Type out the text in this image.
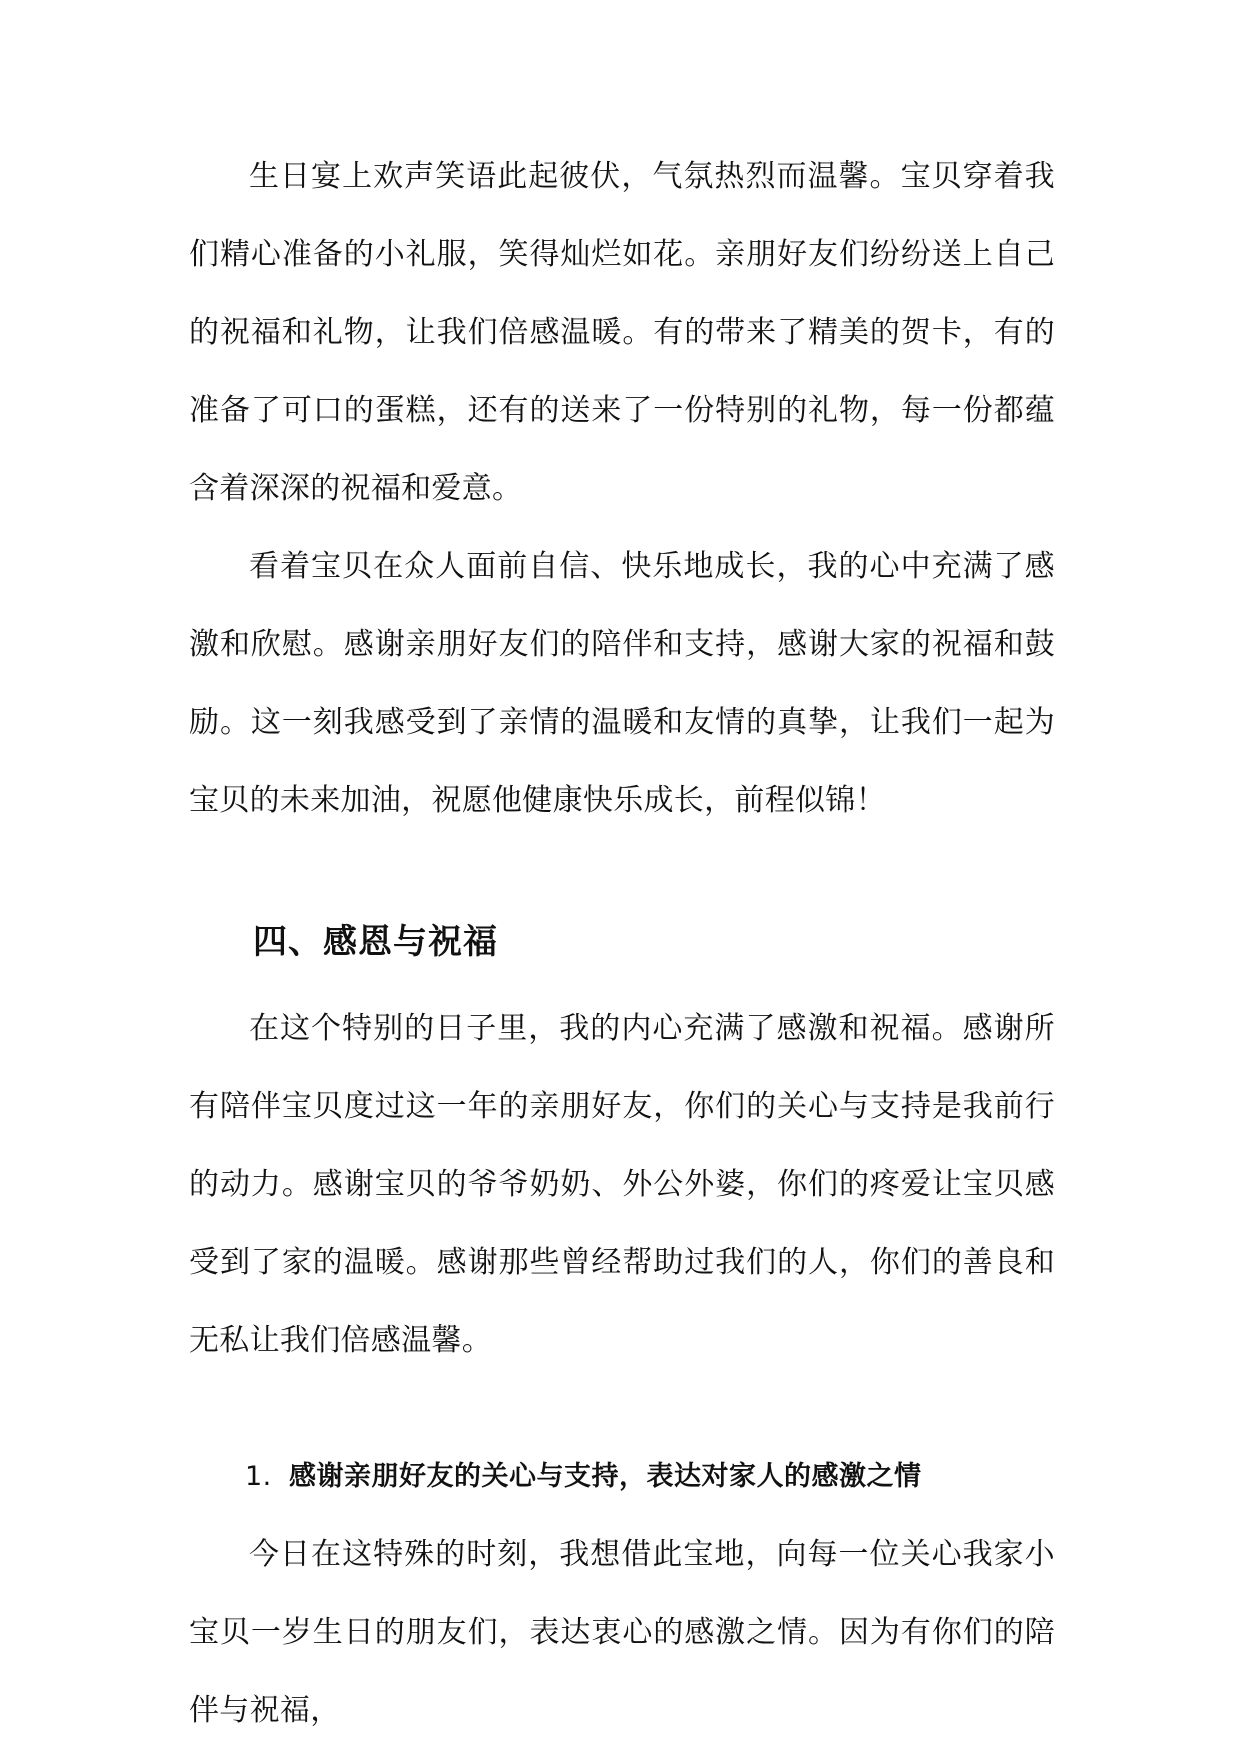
生日宴上欢声笑语此起彼伏，气氛热烈而温馨。宝贝穿着我们精心准备的小礼服，笑得灿烂如花。亲朋好友们纷纷送上自己的祝福和礼物，让我们倍感温暖。有的带来了精美的贺卡，有的准备了可口的蛋糕，还有的送来了一份特别的礼物，每一份都蕴含着深深的祝福和爱意。

看着宝贝在众人面前自信、快乐地成长，我的心中充满了感激和欣慰。感谢亲朋好友们的陪伴和支持，感谢大家的祝福和鼓励。这一刻我感受到了亲情的温暖和友情的真挚，让我们一起为宝贝的未来加油，祝愿他健康快乐成长，前程似锦！

四、感恩与祝福

在这个特别的日子里，我的内心充满了感激和祝福。感谢所有陪伴宝贝度过这一年的亲朋好友，你们的关心与支持是我前行的动力。感谢宝贝的爷爷奶奶、外公外婆，你们的疼爱让宝贝感受到了家的温暖。感谢那些曾经帮助过我们的人，你们的善良和无私让我们倍感温馨。

1. 感谢亲朋好友的关心与支持，表达对家人的感激之情

今日在这特殊的时刻，我想借此宝地，向每一位关心我家小宝贝一岁生日的朋友们，表达衷心的感激之情。因为有你们的陪伴与祝福，
